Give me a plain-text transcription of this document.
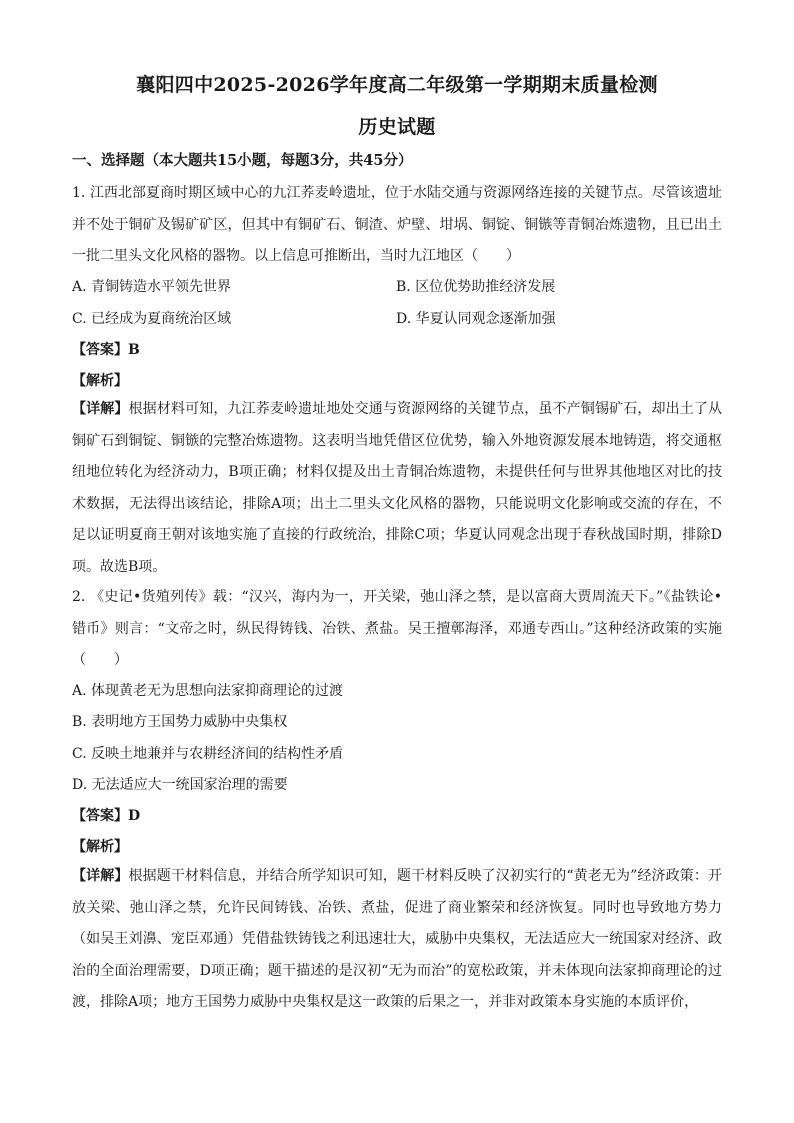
襄阳四中2025-2026学年度高二年级第一学期期末质量检测
历史试题
一、选择题（本大题共15小题，每题3分，共45分）

1. 江西北部夏商时期区域中心的九江荞麦岭遗址，位于水陆交通与资源网络连接的关键节点。尽管该遗址并不处于铜矿及锡矿矿区，但其中有铜矿石、铜渣、炉壁、坩埚、铜锭、铜镞等青铜冶炼遗物，且已出土一批二里头文化风格的器物。以上信息可推断出，当时九江地区（　　）

A. 青铜铸造水平领先世界	B. 区位优势助推经济发展
C. 已经成为夏商统治区域	D. 华夏认同观念逐渐加强
【答案】B
【解析】

【详解】根据材料可知，九江荞麦岭遗址地处交通与资源网络的关键节点，虽不产铜锡矿石，却出土了从铜矿石到铜锭、铜镞的完整冶炼遗物。这表明当地凭借区位优势，输入外地资源发展本地铸造，将交通枢纽地位转化为经济动力，B项正确；材料仅提及出土青铜冶炼遗物，未提供任何与世界其他地区对比的技术数据，无法得出该结论，排除A项；出土二里头文化风格的器物，只能说明文化影响或交流的存在，不足以证明夏商王朝对该地实施了直接的行政统治，排除C项；华夏认同观念出现于春秋战国时期，排除D项。故选B项。

2. 《史记•货殖列传》载：“汉兴，海内为一，开关梁，弛山泽之禁，是以富商大贾周流天下。”《盐铁论•错币》则言：“文帝之时，纵民得铸钱、冶铁、煮盐。吴王擅鄣海泽，邓通专西山。”这种经济政策的实施（　　）

A. 体现黄老无为思想向法家抑商理论的过渡
B. 表明地方王国势力威胁中央集权
C. 反映土地兼并与农耕经济间的结构性矛盾
D. 无法适应大一统国家治理的需要
【答案】D
【解析】

【详解】根据题干材料信息，并结合所学知识可知，题干材料反映了汉初实行的“黄老无为”经济政策：开放关梁、弛山泽之禁，允许民间铸钱、冶铁、煮盐，促进了商业繁荣和经济恢复。同时也导致地方势力（如吴王刘濞、宠臣邓通）凭借盐铁铸钱之利迅速壮大，威胁中央集权，无法适应大一统国家对经济、政治的全面治理需要，D项正确；题干描述的是汉初“无为而治”的宽松政策，并未体现向法家抑商理论的过渡，排除A项；地方王国势力威胁中央集权是这一政策的后果之一，并非对政策本身实施的本质评价，
